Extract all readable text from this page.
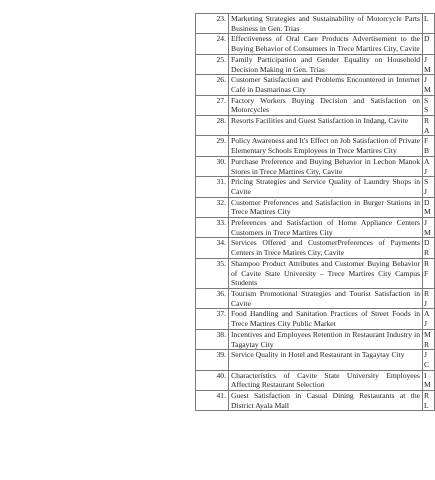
23.	Marketing Strategies and Sustainability of Motorcycle Parts Business in Gen. Trias	L
24.	Effectiveness of Oral Care Products Advertisement to the Buying Behavior of Consumers in Trece Martires City, Cavite	D
25.	Family Participation and Gender Equality on Household Decision Making in Gen. Trias	J
M
26.	Customer Satisfaction and Problems Encountered in Internet Café in Dasmarinas City	J
M
27.	Factory Workers Buying Decision and Satisfaction on Motorcycles	S
S
28.	Resorts Facilities and Guest Satisfaction in Indang, Cavite	R
A
29.	Policy Awareness and It's Effect on Job Satisfaction of Private Elementary Schools Employees in Trece Martires City	F
B
30.	Purchase Preference and Buying Behavior in Lechon Manok Stores in Trece Martires City, Cavite	A
J
31.	Pricing Strategies and Service Quality of Laundry Shops in Cavite	S
J
32.	Customer Preferences and Satisfaction in Burger Stations in Trece Martires City	D
M
33.	Preferences and Satisfaction of Home Appliance Centers Customers in Trece Martires City	J
M
34.	Services Offered and CustomerPreferences of Payments Centers in Trece Matires City, Cavite	D
R
35.	Shampoo Product Attributes and Customer Buying Behavior of Cavite State University – Trece Martires City Campus Students	R
F
36.	Tourism Promotional Strategies and Tourist Satisfaction in Cavite	R
J
37.	Food Handling and Sanitation Practices of Street Foods in Trece Martires City Public Market	A
J
38.	Incentives and Employees Retention in Restaurant Industry in Tagaytay City	M
R
39.	Service Quality in Hotel and Restaurant in Tagaytay City	J
C
40.	Characteristics of Cavite State University Employees Affecting Restaurant Selection	I
M
41.	Guest Satisfaction in Casual Dining Restaurants at the District Ayala Mall	R
L
